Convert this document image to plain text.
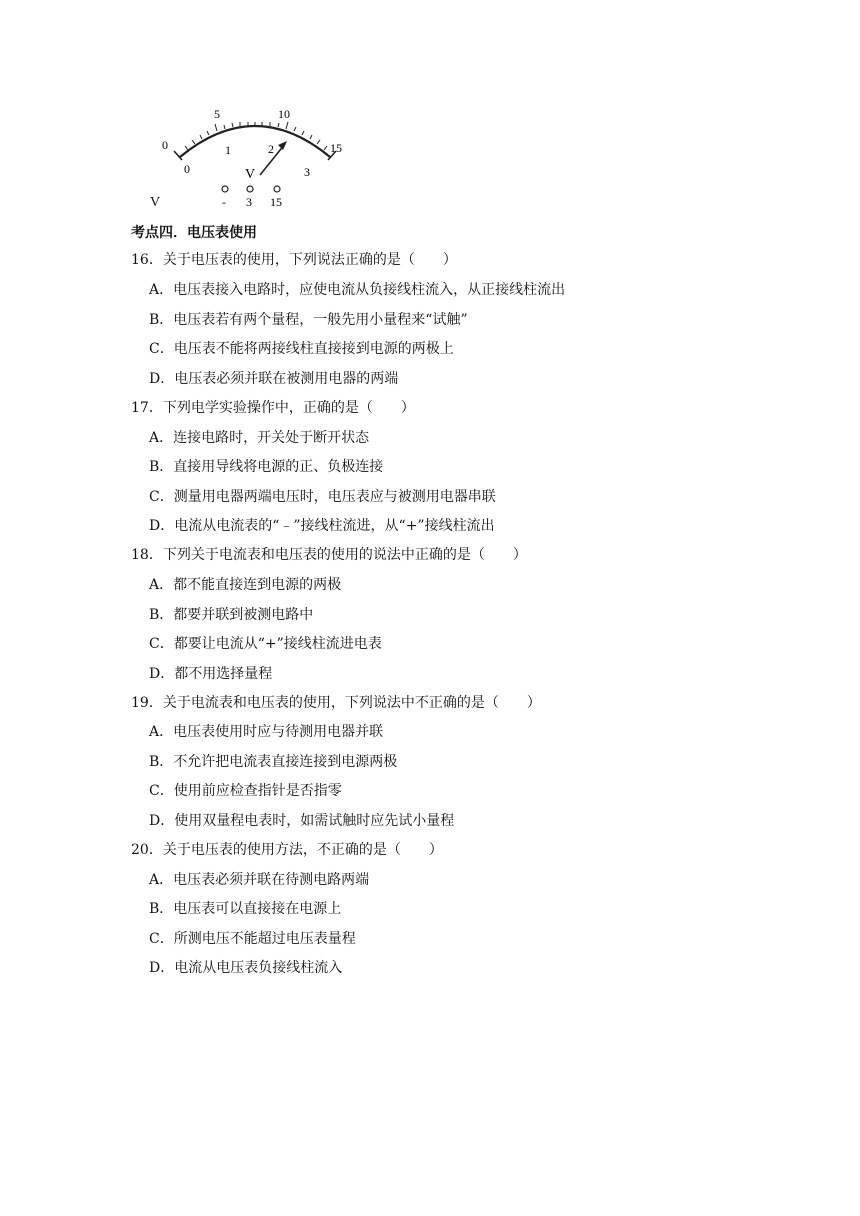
0
5	10
15
0
1	2
3
V
- 3 15
V
考点四．电压表使用
16．关于电压表的使用，下列说法正确的是（　　）
A．电压表接入电路时，应使电流从负接线柱流入，从正接线柱流出
B．电压表若有两个量程，一般先用小量程来“试触”
C．电压表不能将两接线柱直接接到电源的两极上
D．电压表必须并联在被测用电器的两端
17．下列电学实验操作中，正确的是（　　）
A．连接电路时，开关处于断开状态
B．直接用导线将电源的正、负极连接
C．测量用电器两端电压时，电压表应与被测用电器串联
D．电流从电流表的“﹣”接线柱流进，从“+”接线柱流出
18．下列关于电流表和电压表的使用的说法中正确的是（　　）
A．都不能直接连到电源的两极
B．都要并联到被测电路中
C．都要让电流从“+”接线柱流进电表
D．都不用选择量程
19．关于电流表和电压表的使用，下列说法中不正确的是（　　）
A．电压表使用时应与待测用电器并联
B．不允许把电流表直接连接到电源两极
C．使用前应检查指针是否指零
D．使用双量程电表时，如需试触时应先试小量程
20．关于电压表的使用方法，不正确的是（　　）
A．电压表必须并联在待测电路两端
B．电压表可以直接接在电源上
C．所测电压不能超过电压表量程
D．电流从电压表负接线柱流入
